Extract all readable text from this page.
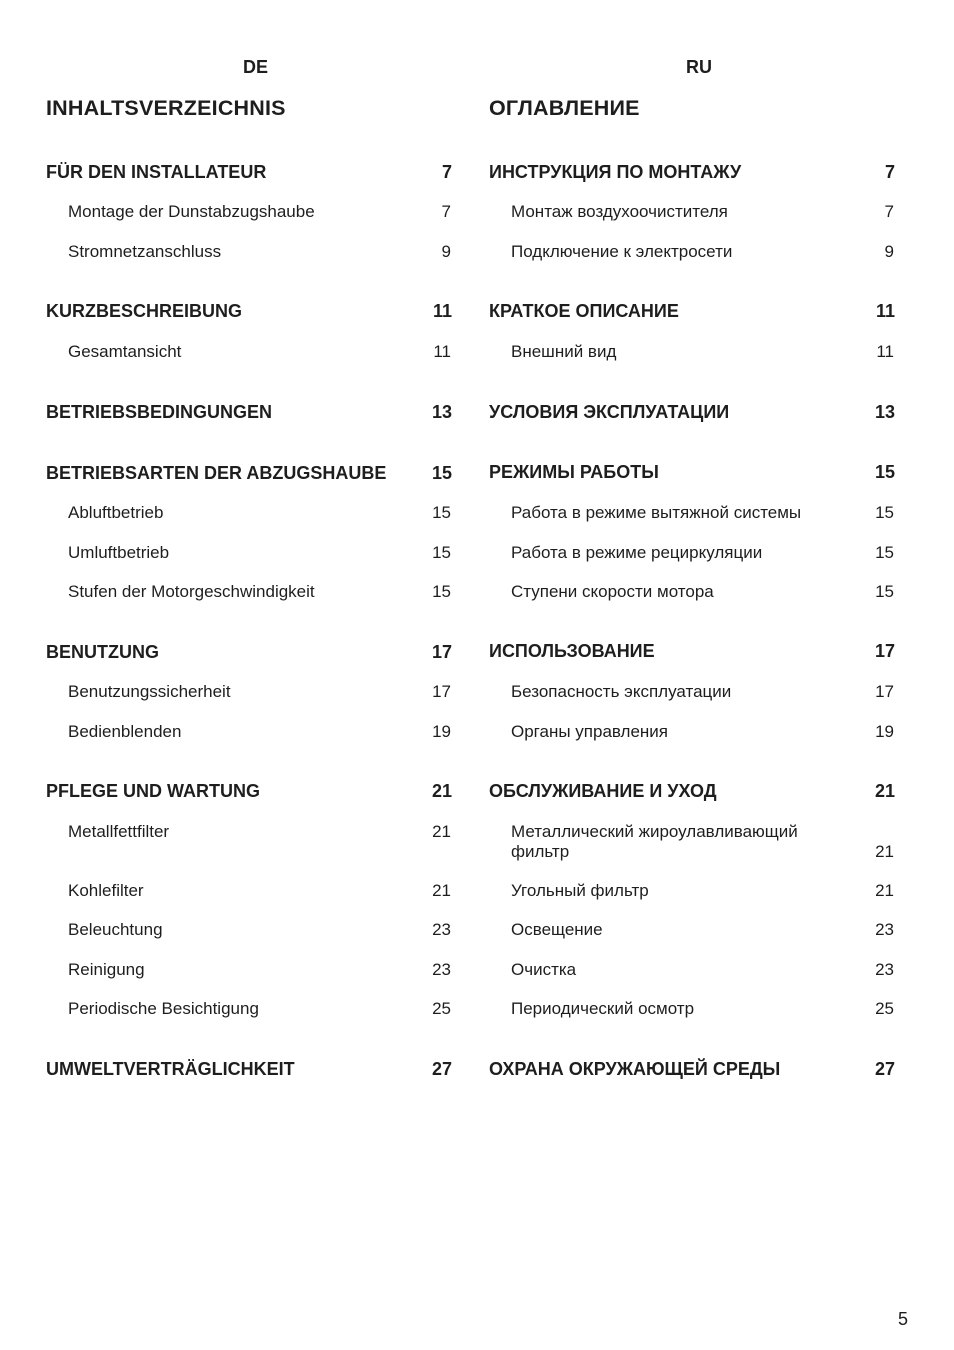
DE
INHALTSVERZEICHNIS
FÜR DEN INSTALLATEUR	7
Montage der Dunstabzugshaube	7
Stromnetzanschluss	9
KURZBESCHREIBUNG	11
Gesamtansicht	11
BETRIEBSBEDINGUNGEN	13
BETRIEBSARTEN DER ABZUGSHAUBE	15
Abluftbetrieb	15
Umluftbetrieb	15
Stufen der Motorgeschwindigkeit	15
BENUTZUNG	17
Benutzungssicherheit	17
Bedienblenden	19
PFLEGE UND WARTUNG	21
Metallfettfilter	21
Kohlefilter	21
Beleuchtung	23
Reinigung	23
Periodische Besichtigung	25
UMWELTVERTRÄGLICHKEIT	27
RU
ОГЛАВЛЕНИЕ
ИНСТРУКЦИЯ ПО МОНТАЖУ	7
Монтаж воздухоочистителя	7
Подключение к электросети	9
КРАТКОЕ ОПИСАНИЕ	11
Внешний вид	11
УСЛОВИЯ ЭКСПЛУАТАЦИИ	13
РЕЖИМЫ РАБОТЫ	15
Работа в режиме вытяжной системы	15
Работа в режиме рециркуляции	15
Ступени скорости мотора	15
ИСПОЛЬЗОВАНИЕ	17
Безопасность эксплуатации	17
Органы управления	19
ОБСЛУЖИВАНИЕ И УХОД	21
Металлический жироулавливающий фильтр	21
Угольный фильтр	21
Освещение	23
Очистка	23
Периодический осмотр	25
ОХРАНА ОКРУЖАЮЩЕЙ СРЕДЫ	27
5
